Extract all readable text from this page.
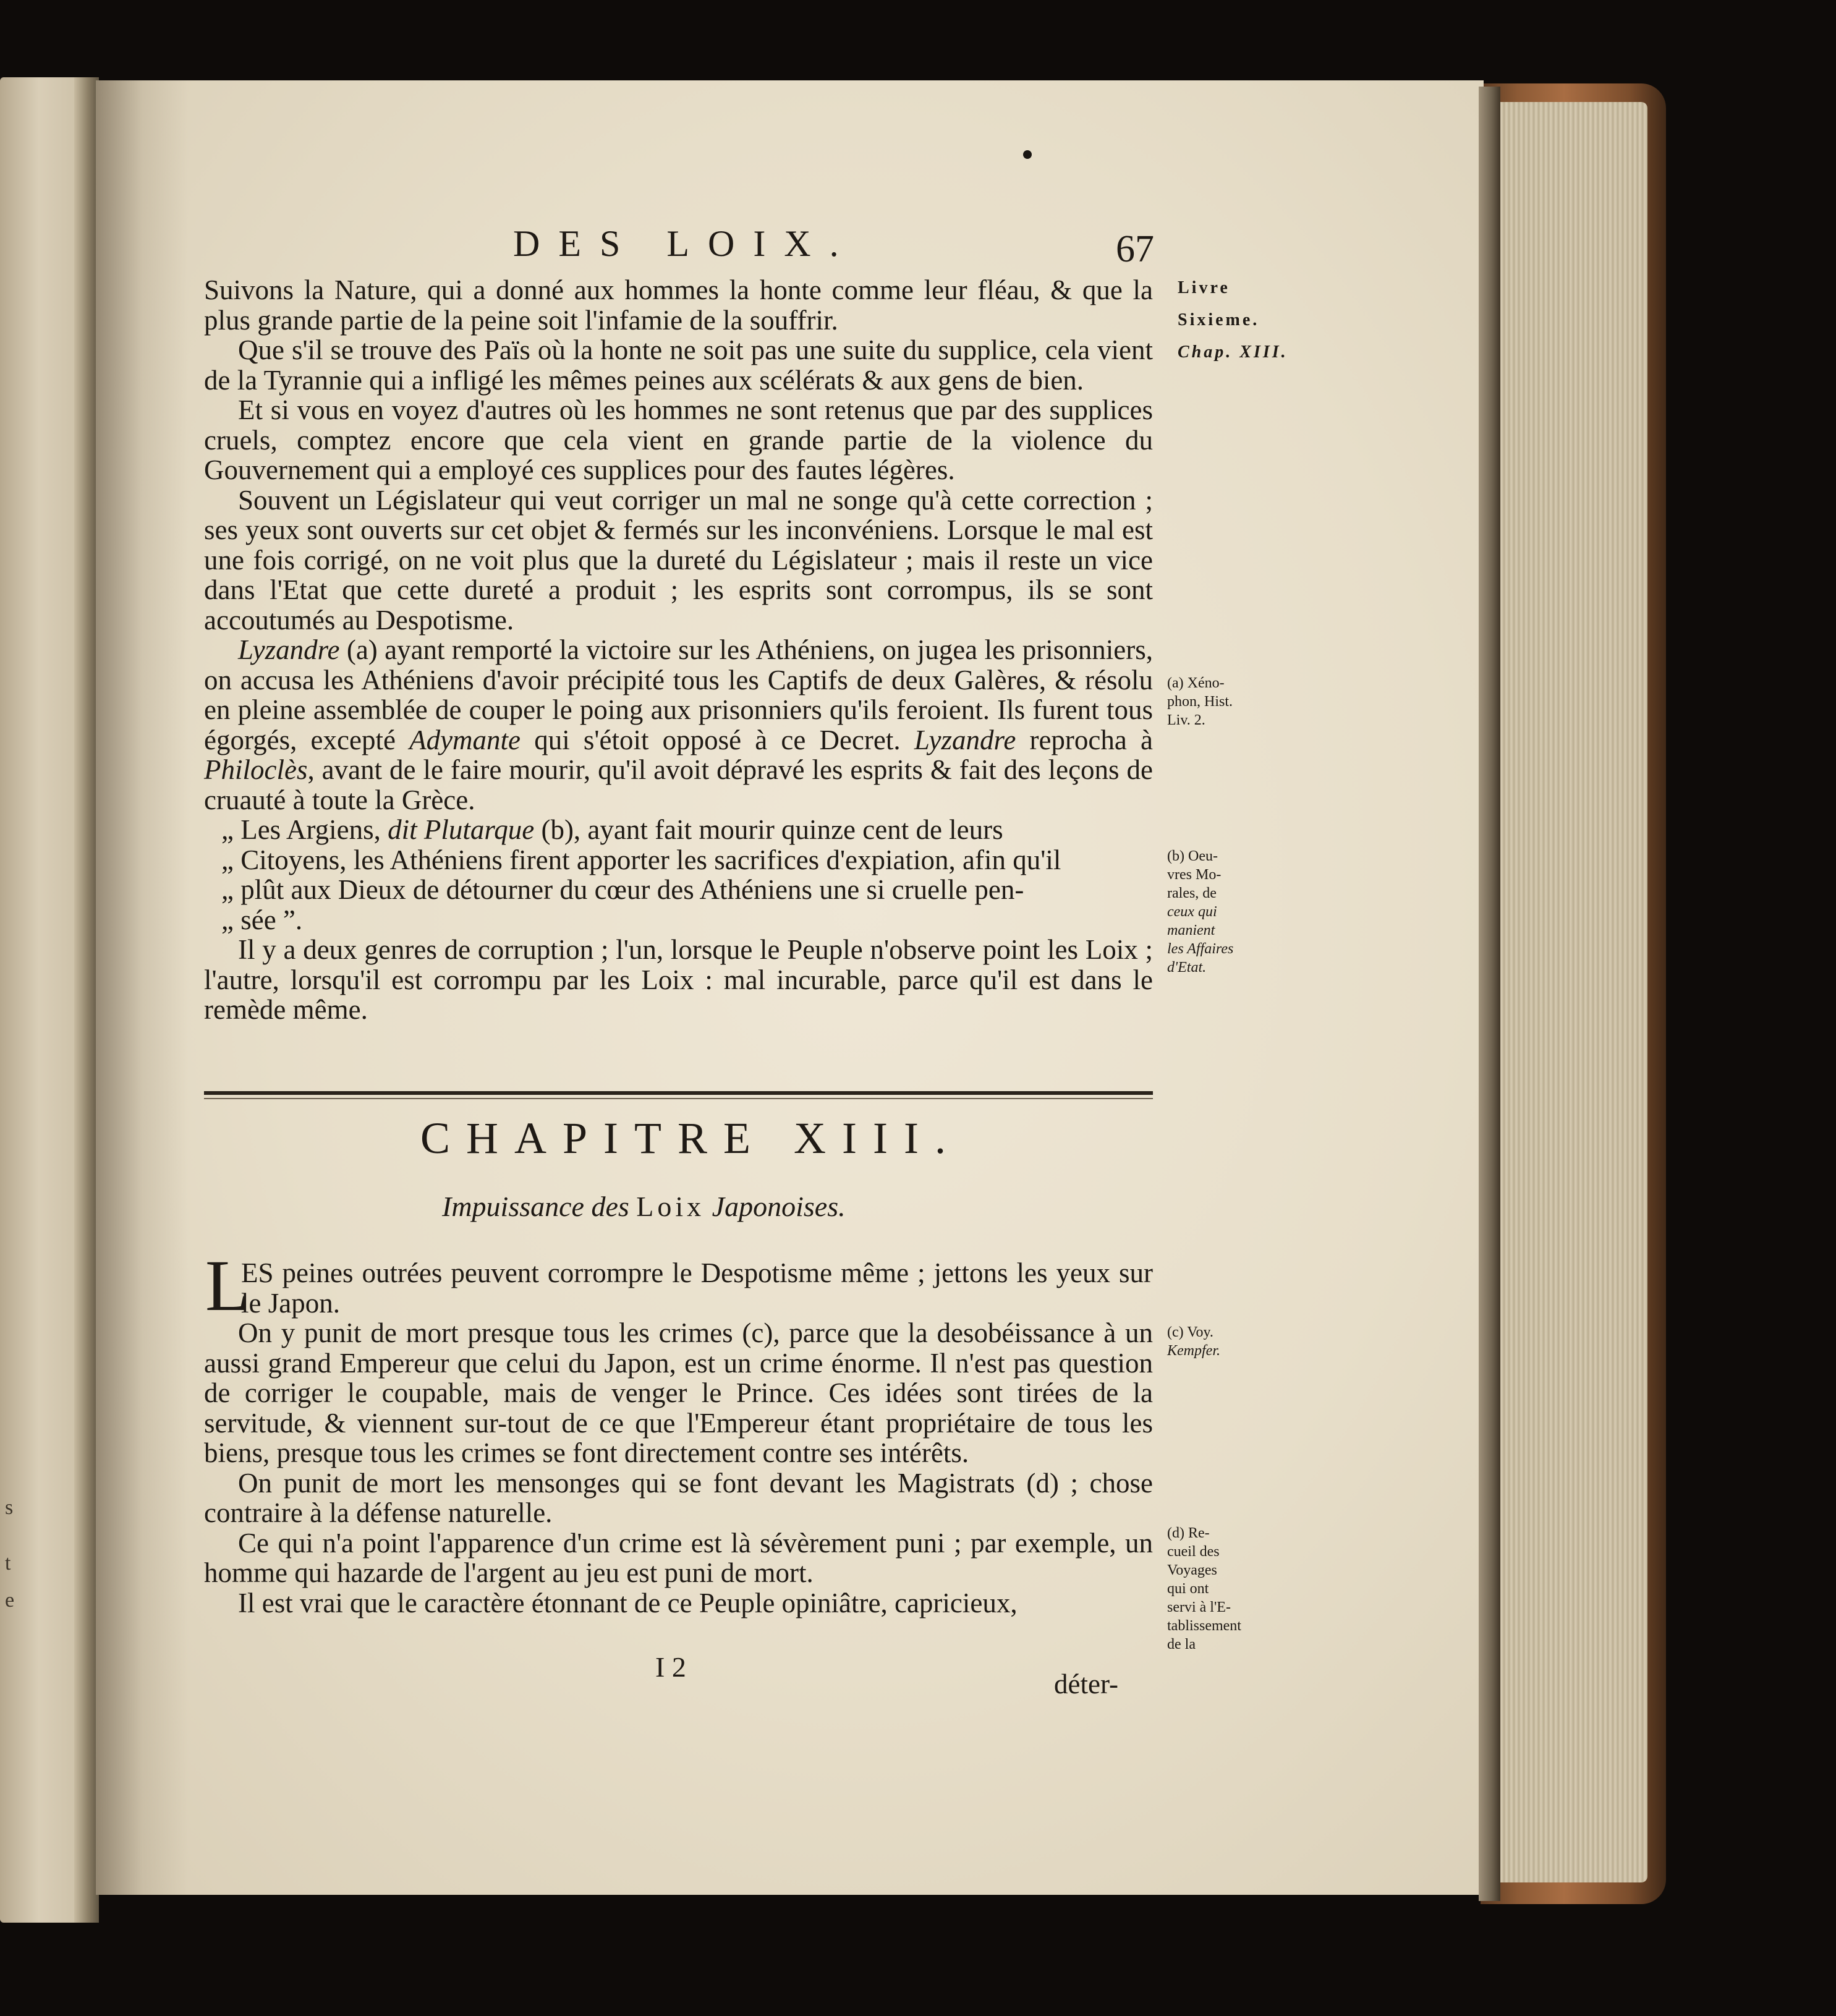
s
t
e
DES LOIX.	67
Livre
Sixieme.
Chap. XIII.

Suivons la Nature, qui a donné aux hommes la honte comme leur fléau, & que la plus grande partie de la peine soit l'infamie de la souffrir.

Que s'il se trouve des Païs où la honte ne soit pas une suite du supplice, cela vient de la Tyrannie qui a infligé les mêmes peines aux scélérats & aux gens de bien.

Et si vous en voyez d'autres où les hommes ne sont retenus que par des supplices cruels, comptez encore que cela vient en grande partie de la violence du Gouvernement qui a employé ces supplices pour des fautes légères.

Souvent un Législateur qui veut corriger un mal ne songe qu'à cette correction ; ses yeux sont ouverts sur cet objet & fermés sur les inconvéniens. Lorsque le mal est une fois corrigé, on ne voit plus que la dureté du Législateur ; mais il reste un vice dans l'Etat que cette dureté a produit ; les esprits sont corrompus, ils se sont accoutumés au Despotisme.

Lyzandre (a) ayant remporté la victoire sur les Athéniens, on jugea les prisonniers, on accusa les Athéniens d'avoir précipité tous les Captifs de deux Galères, & résolu en pleine assemblée de couper le poing aux prisonniers qu'ils feroient. Ils furent tous égorgés, excepté Adymante qui s'étoit opposé à ce Decret. Lyzandre reprocha à Philoclès, avant de le faire mourir, qu'il avoit dépravé les esprits & fait des leçons de cruauté à toute la Grèce.

„ Les Argiens, dit Plutarque (b), ayant fait mourir quinze cent de leurs

„ Citoyens, les Athéniens firent apporter les sacrifices d'expiation, afin qu'il

„ plût aux Dieux de détourner du cœur des Athéniens une si cruelle pen-

„ sée ”.

Il y a deux genres de corruption ; l'un, lorsque le Peuple n'observe point les Loix ; l'autre, lorsqu'il est corrompu par les Loix : mal incurable, parce qu'il est dans le remède même.

(a) Xéno-
phon, Hist.
Liv. 2.
(b) Oeu-
vres Mo-
rales, de
ceux qui
manient
les Affaires
d'Etat.
(c) Voy.
Kempfer.
(d) Re-
cueil des
Voyages
qui ont
servi à l'E-
tablissement
de la
CHAPITRE XIII.
Impuissance des Loix Japonoises.
L

ES peines outrées peuvent corrompre le Despotisme même ; jettons les yeux sur le Japon.

On y punit de mort presque tous les crimes (c), parce que la desobéissance à un aussi grand Empereur que celui du Japon, est un crime énorme. Il n'est pas question de corriger le coupable, mais de venger le Prince. Ces idées sont tirées de la servitude, & viennent sur-tout de ce que l'Empereur étant propriétaire de tous les biens, presque tous les crimes se font directement contre ses intérêts.

On punit de mort les mensonges qui se font devant les Magistrats (d) ; chose contraire à la défense naturelle.

Ce qui n'a point l'apparence d'un crime est là sévèrement puni ; par exemple, un homme qui hazarde de l'argent au jeu est puni de mort.

Il est vrai que le caractère étonnant de ce Peuple opiniâtre, capricieux,

I 2
déter-
